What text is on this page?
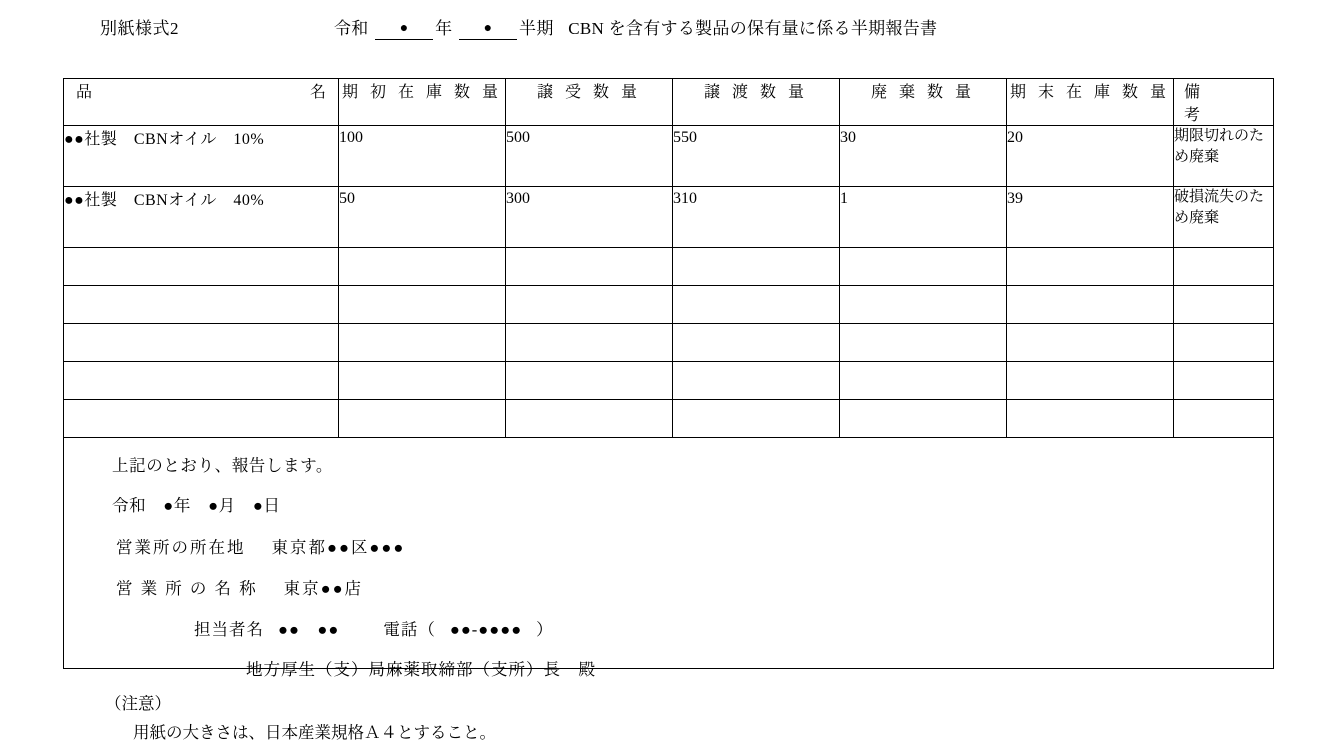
別紙様式2	令和 ● 年 ● 半期 CBN を含有する製品の保有量に係る半期報告書
品 名	期 初 在 庫 数 量	譲 受 数 量	譲 渡 数 量	廃 棄 数 量	期 末 在 庫 数 量	備　　考

●●社製　CBNオイル　10%	100	500	550	30	20	期限切れのため廃棄
●●社製　CBNオイル　40%	50	300	310	1	39	破損流失のため廃棄

上記のとおり、報告します。
令和　●年　●月　●日
営業所の所在地 東京都●●区●●●
営 業 所 の 名 称 東京●●店
担当者名 ●●　●●	電話（ ●●-●●●● ）
地方厚生（支）局麻薬取締部（支所）長　殿
（注意）
用紙の大きさは、日本産業規格Ａ４とすること。
